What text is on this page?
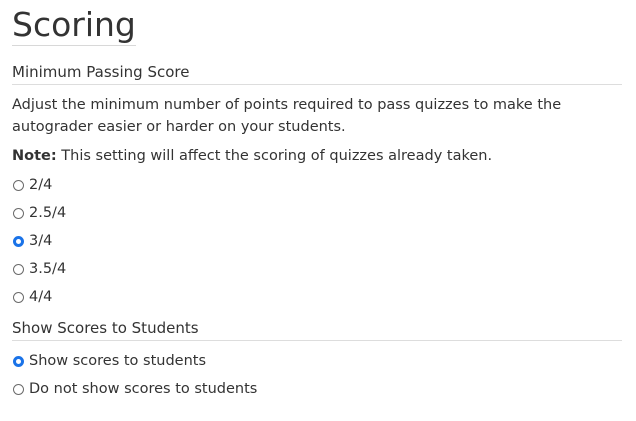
Scoring
Minimum Passing Score
Adjust the minimum number of points required to pass quizzes to make the autograder easier or harder on your students.
Note: This setting will affect the scoring of quizzes already taken.
2/4
2.5/4
3/4
3.5/4
4/4
Show Scores to Students
Show scores to students
Do not show scores to students
